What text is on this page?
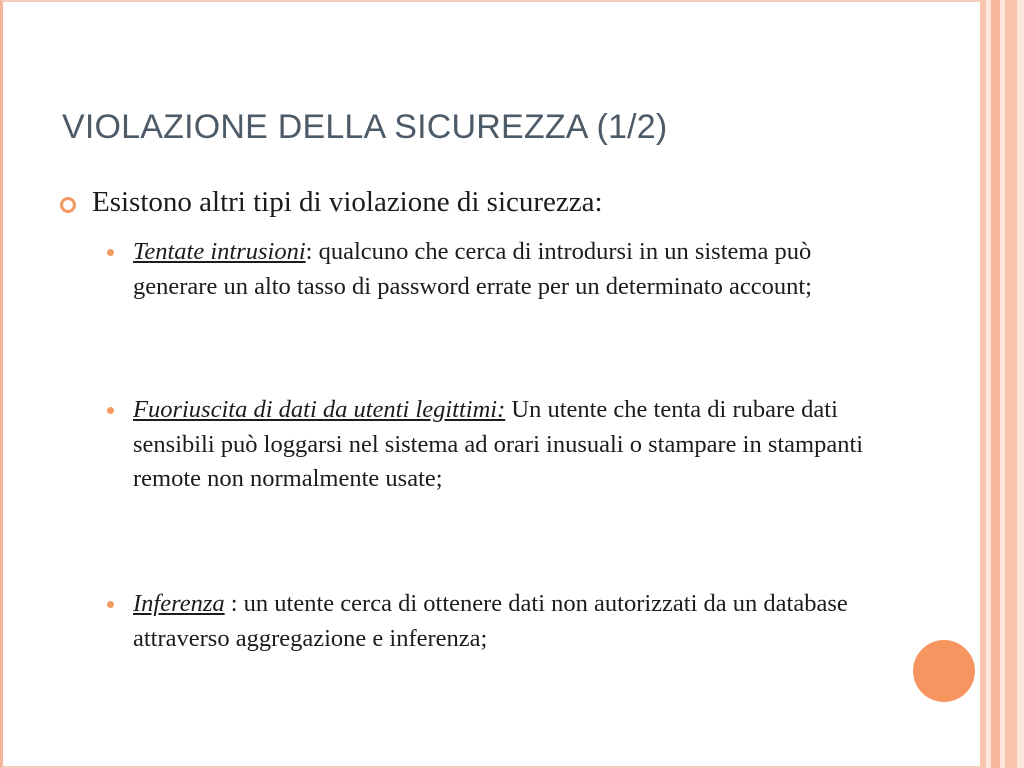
VIOLAZIONE DELLA SICUREZZA (1/2)
Esistono altri tipi di violazione di sicurezza:
Tentate intrusioni: qualcuno che cerca di introdursi in un sistema può generare un alto tasso di password errate per un determinato account;
Fuoriuscita di dati da utenti legittimi: Un utente che tenta di rubare dati sensibili può loggarsi nel sistema ad orari inusuali o stampare in stampanti remote non normalmente usate;
Inferenza : un utente cerca di ottenere dati non autorizzati da un database attraverso aggregazione e inferenza;
